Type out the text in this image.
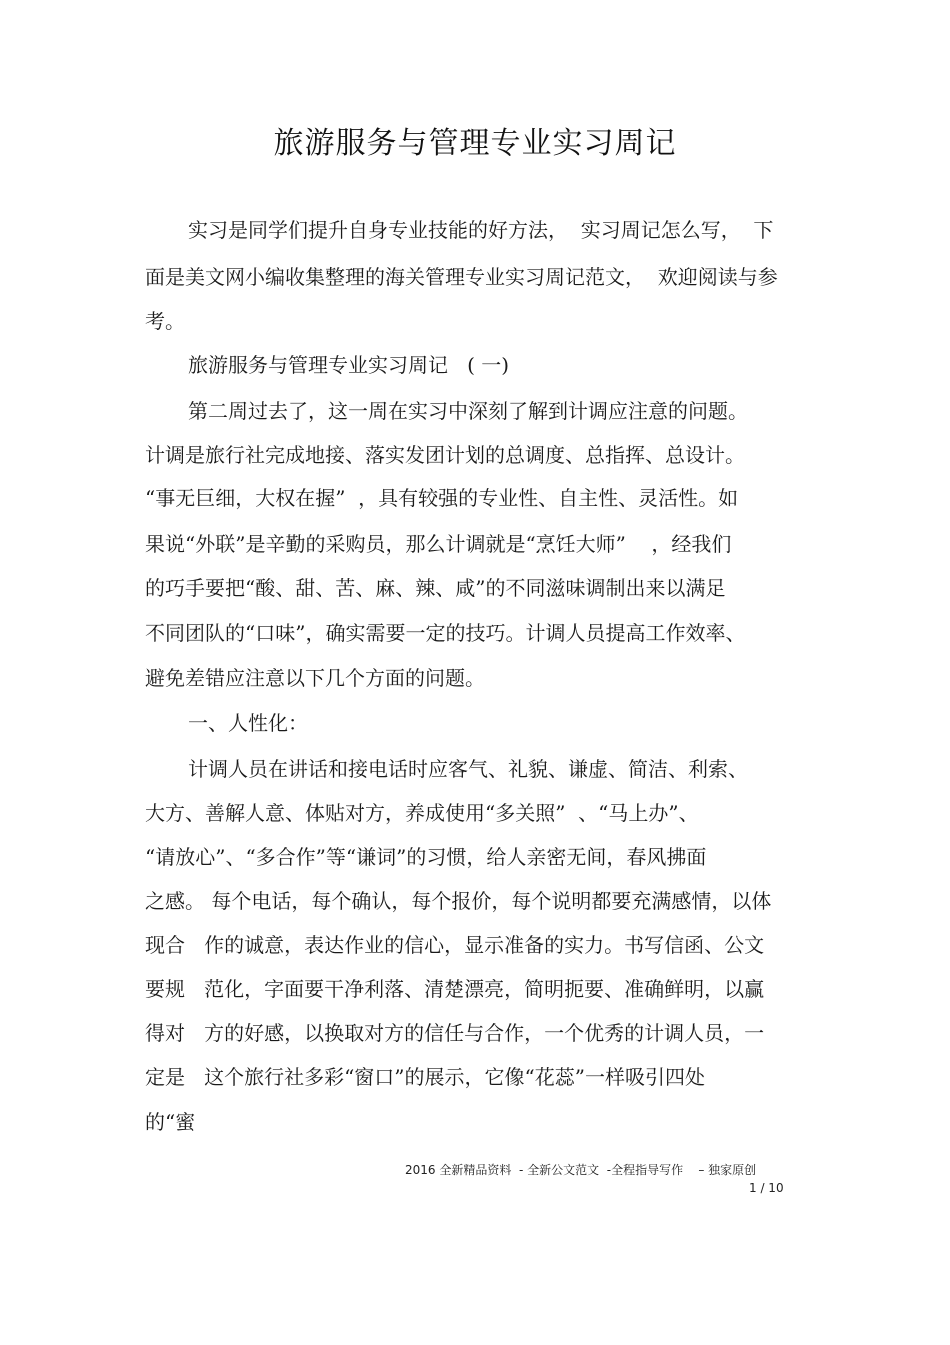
旅游服务与管理专业实习周记
实习是同学们提升自身专业技能的好方法，  实习周记怎么写，  下
面是美文网小编收集整理的海关管理专业实习周记范文，  欢迎阅读与参
考。
旅游服务与管理专业实习周记   ( 一)
第二周过去了，这一周在实习中深刻了解到计调应注意的问题。
计调是旅行社完成地接、落实发团计划的总调度、总指挥、总设计。
“事无巨细，大权在握”  ，具有较强的专业性、自主性、灵活性。如
果说“外联”是辛勤的采购员，那么计调就是“烹饪大师”    ，经我们
的巧手要把“酸、甜、苦、麻、辣、咸”的不同滋味调制出来以满足
不同团队的“口味”，确实需要一定的技巧。计调人员提高工作效率、
避免差错应注意以下几个方面的问题。
一、人性化：
计调人员在讲话和接电话时应客气、礼貌、谦虚、简洁、利索、
大方、善解人意、体贴对方，养成使用“多关照”  、“马上办”、
“请放心”、“多合作”等“谦词”的习惯，给人亲密无间，春风拂面
之感。 每个电话，每个确认，每个报价，每个说明都要充满感情，以体
现合   作的诚意，表达作业的信心，显示准备的实力。书写信函、公文
要规   范化，字面要干净利落、清楚漂亮，简明扼要、准确鲜明，以赢
得对   方的好感，以换取对方的信任与合作，一个优秀的计调人员，一
定是   这个旅行社多彩“窗口”的展示，它像“花蕊”一样吸引四处
的“蜜
2016 全新精品资料  - 全新公文范文  -全程指导写作    – 独家原创
1 / 10
